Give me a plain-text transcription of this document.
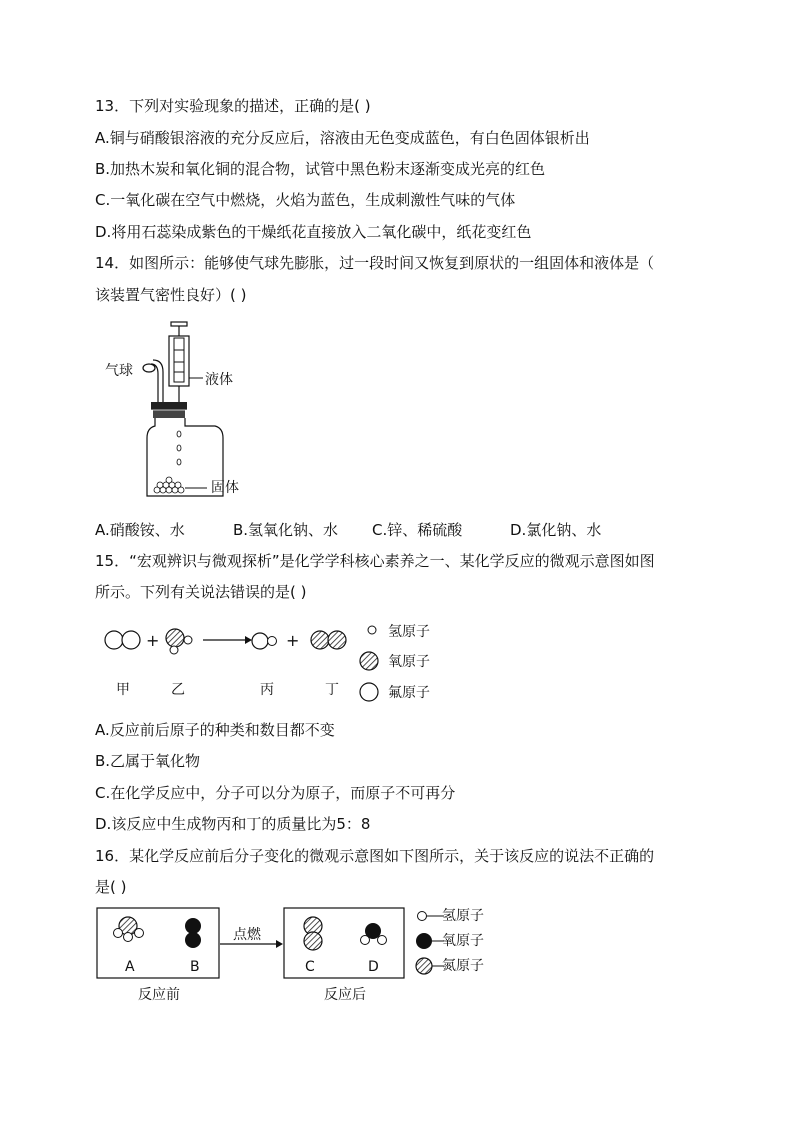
13．下列对实验现象的描述，正确的是( )
A.铜与硝酸银溶液的充分反应后，溶液由无色变成蓝色，有白色固体银析出
B.加热木炭和氧化铜的混合物，试管中黑色粉末逐渐变成光亮的红色
C.一氧化碳在空气中燃烧，火焰为蓝色，生成刺激性气味的气体
D.将用石蕊染成紫色的干燥纸花直接放入二氧化碳中，纸花变红色
14．如图所示：能够使气球先膨胀，过一段时间又恢复到原状的一组固体和液体是（
该装置气密性良好）( )
气球
液体
固体
A.硝酸铵、水	B.氢氧化钠、水 C.锌、稀硫酸	D.氯化钠、水
15．“宏观辨识与微观探析”是化学学科核心素养之一、某化学反应的微观示意图如图
所示。下列有关说法错误的是( )
+	+
甲	乙	丙	丁
氢原子
氧原子
氟原子
A.反应前后原子的种类和数目都不变
B.乙属于氧化物
C.在化学反应中，分子可以分为原子，而原子不可再分
D.该反应中生成物丙和丁的质量比为5：8
16．某化学反应前后分子变化的微观示意图如下图所示，关于该反应的说法不正确的
是( )
A	B	C	D
点燃
反应前	反应后
氢原子
氧原子
氮原子
